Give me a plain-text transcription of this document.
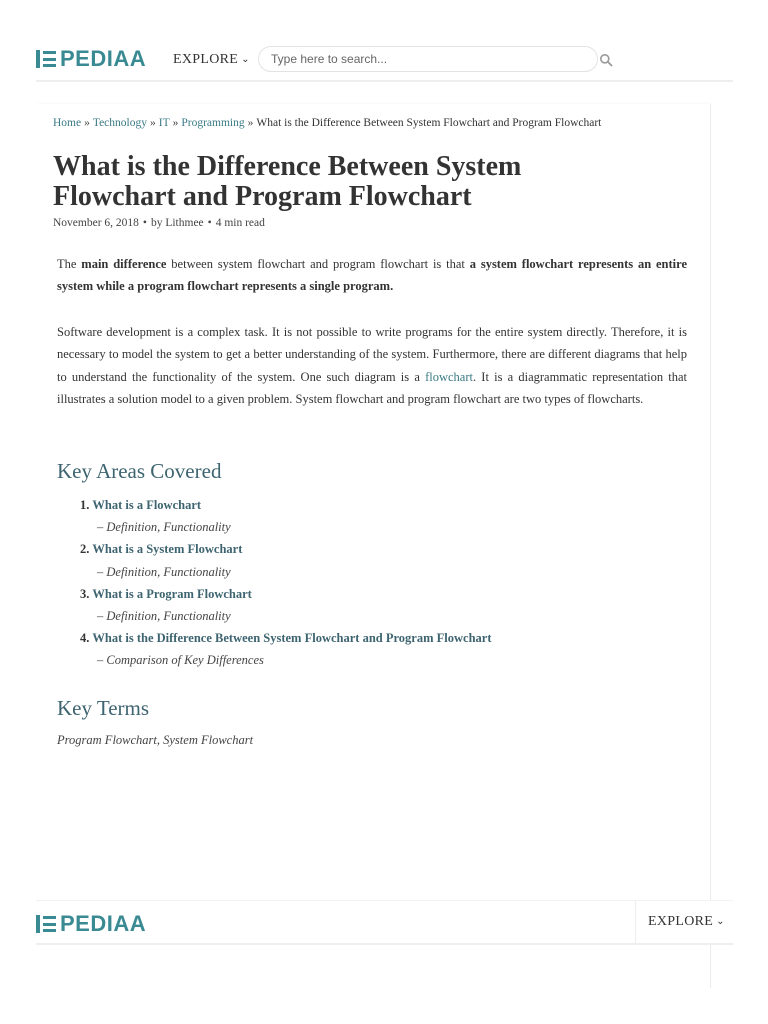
PEDIAA EXPLORE ⌄
Type here to search...
Home » Technology » IT » Programming » What is the Difference Between System Flowchart and Program Flowchart
What is the Difference Between System Flowchart and Program Flowchart
November 6, 2018 • by Lithmee • 4 min read

The main difference between system flowchart and program flowchart is that a system flowchart represents an entire system while a program flowchart represents a single program.

Software development is a complex task. It is not possible to write programs for the entire system directly. Therefore, it is necessary to model the system to get a better understanding of the system. Furthermore, there are different diagrams that help to understand the functionality of the system. One such diagram is a flowchart. It is a diagrammatic representation that illustrates a solution model to a given problem. System flowchart and program flowchart are two types of flowcharts.

Key Areas Covered
1. What is a Flowchart
– Definition, Functionality
2. What is a System Flowchart
– Definition, Functionality
3. What is a Program Flowchart
– Definition, Functionality
4. What is the Difference Between System Flowchart and Program Flowchart
– Comparison of Key Differences
Key Terms

Program Flowchart, System Flowchart

PEDIAA	EXPLORE ⌄
